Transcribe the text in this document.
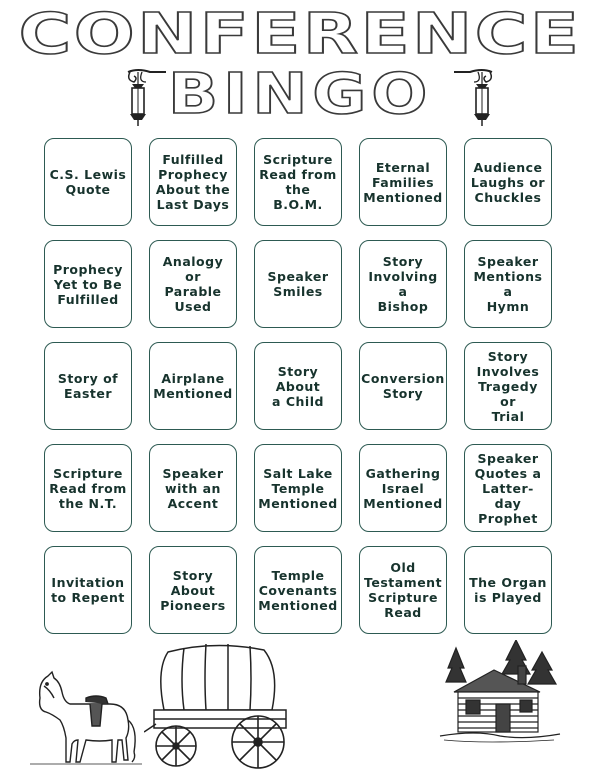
CONFERENCE
BINGO
C.S. Lewis
Quote
Fulfilled
Prophecy
About the
Last Days
Scripture
Read from
the B.O.M.
Eternal
Families
Mentioned
Audience
Laughs or
Chuckles
Prophecy
Yet to Be
Fulfilled
Analogy or
Parable
Used
Speaker
Smiles
Story
Involving a
Bishop
Speaker
Mentions a
Hymn
Story of
Easter
Airplane
Mentioned
Story About
a Child
Conversion
Story
Story
Involves
Tragedy or
Trial
Scripture
Read from
the N.T.
Speaker
with an
Accent
Salt Lake
Temple
Mentioned
Gathering
Israel
Mentioned
Speaker
Quotes a
Latter-day
Prophet
Invitation
to Repent
Story
About
Pioneers
Temple
Covenants
Mentioned
Old
Testament
Scripture
Read
The Organ
is Played
